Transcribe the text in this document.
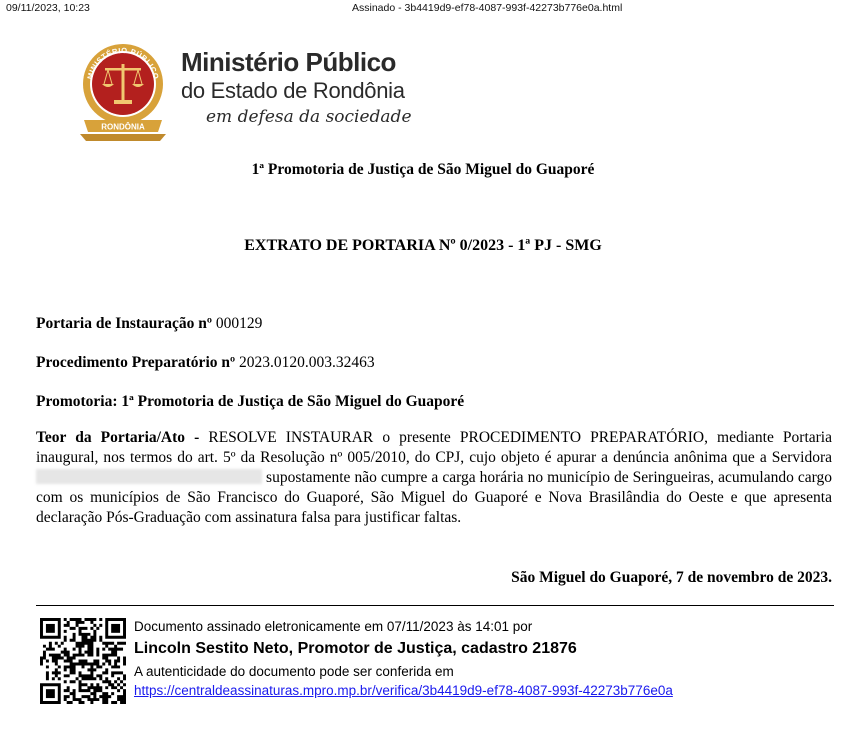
09/11/2023, 10:23	Assinado - 3b4419d9-ef78-4087-993f-42273b776e0a.html
MINISTÉRIO PÚBLICO
RONDÔNIA
Ministério Público
do Estado de Rondônia
em defesa da sociedade
1ª Promotoria de Justiça de São Miguel do Guaporé
EXTRATO DE PORTARIA Nº 0/2023 - 1ª PJ - SMG
Portaria de Instauração nº 000129
Procedimento Preparatório nº 2023.0120.003.32463
Promotoria: 1ª Promotoria de Justiça de São Miguel do Guaporé
Teor da Portaria/Ato - RESOLVE INSTAURAR o presente PROCEDIMENTO PREPARATÓRIO, mediante Portaria inaugural, nos termos do art. 5º da Resolução nº 005/2010, do CPJ, cujo objeto é apurar a denúncia anônima que a Servidora  supostamente não cumpre a carga horária no município de Seringueiras, acumulando cargo com os municípios de São Francisco do Guaporé, São Miguel do Guaporé e Nova Brasilândia do Oeste e que apresenta declaração Pós-Graduação com assinatura falsa para justificar faltas.
São Miguel do Guaporé, 7 de novembro de 2023.
Documento assinado eletronicamente em 07/11/2023 às 14:01 por
Lincoln Sestito Neto, Promotor de Justiça, cadastro 21876
A autenticidade do documento pode ser conferida em
https://centraldeassinaturas.mpro.mp.br/verifica/3b4419d9-ef78-4087-993f-42273b776e0a
